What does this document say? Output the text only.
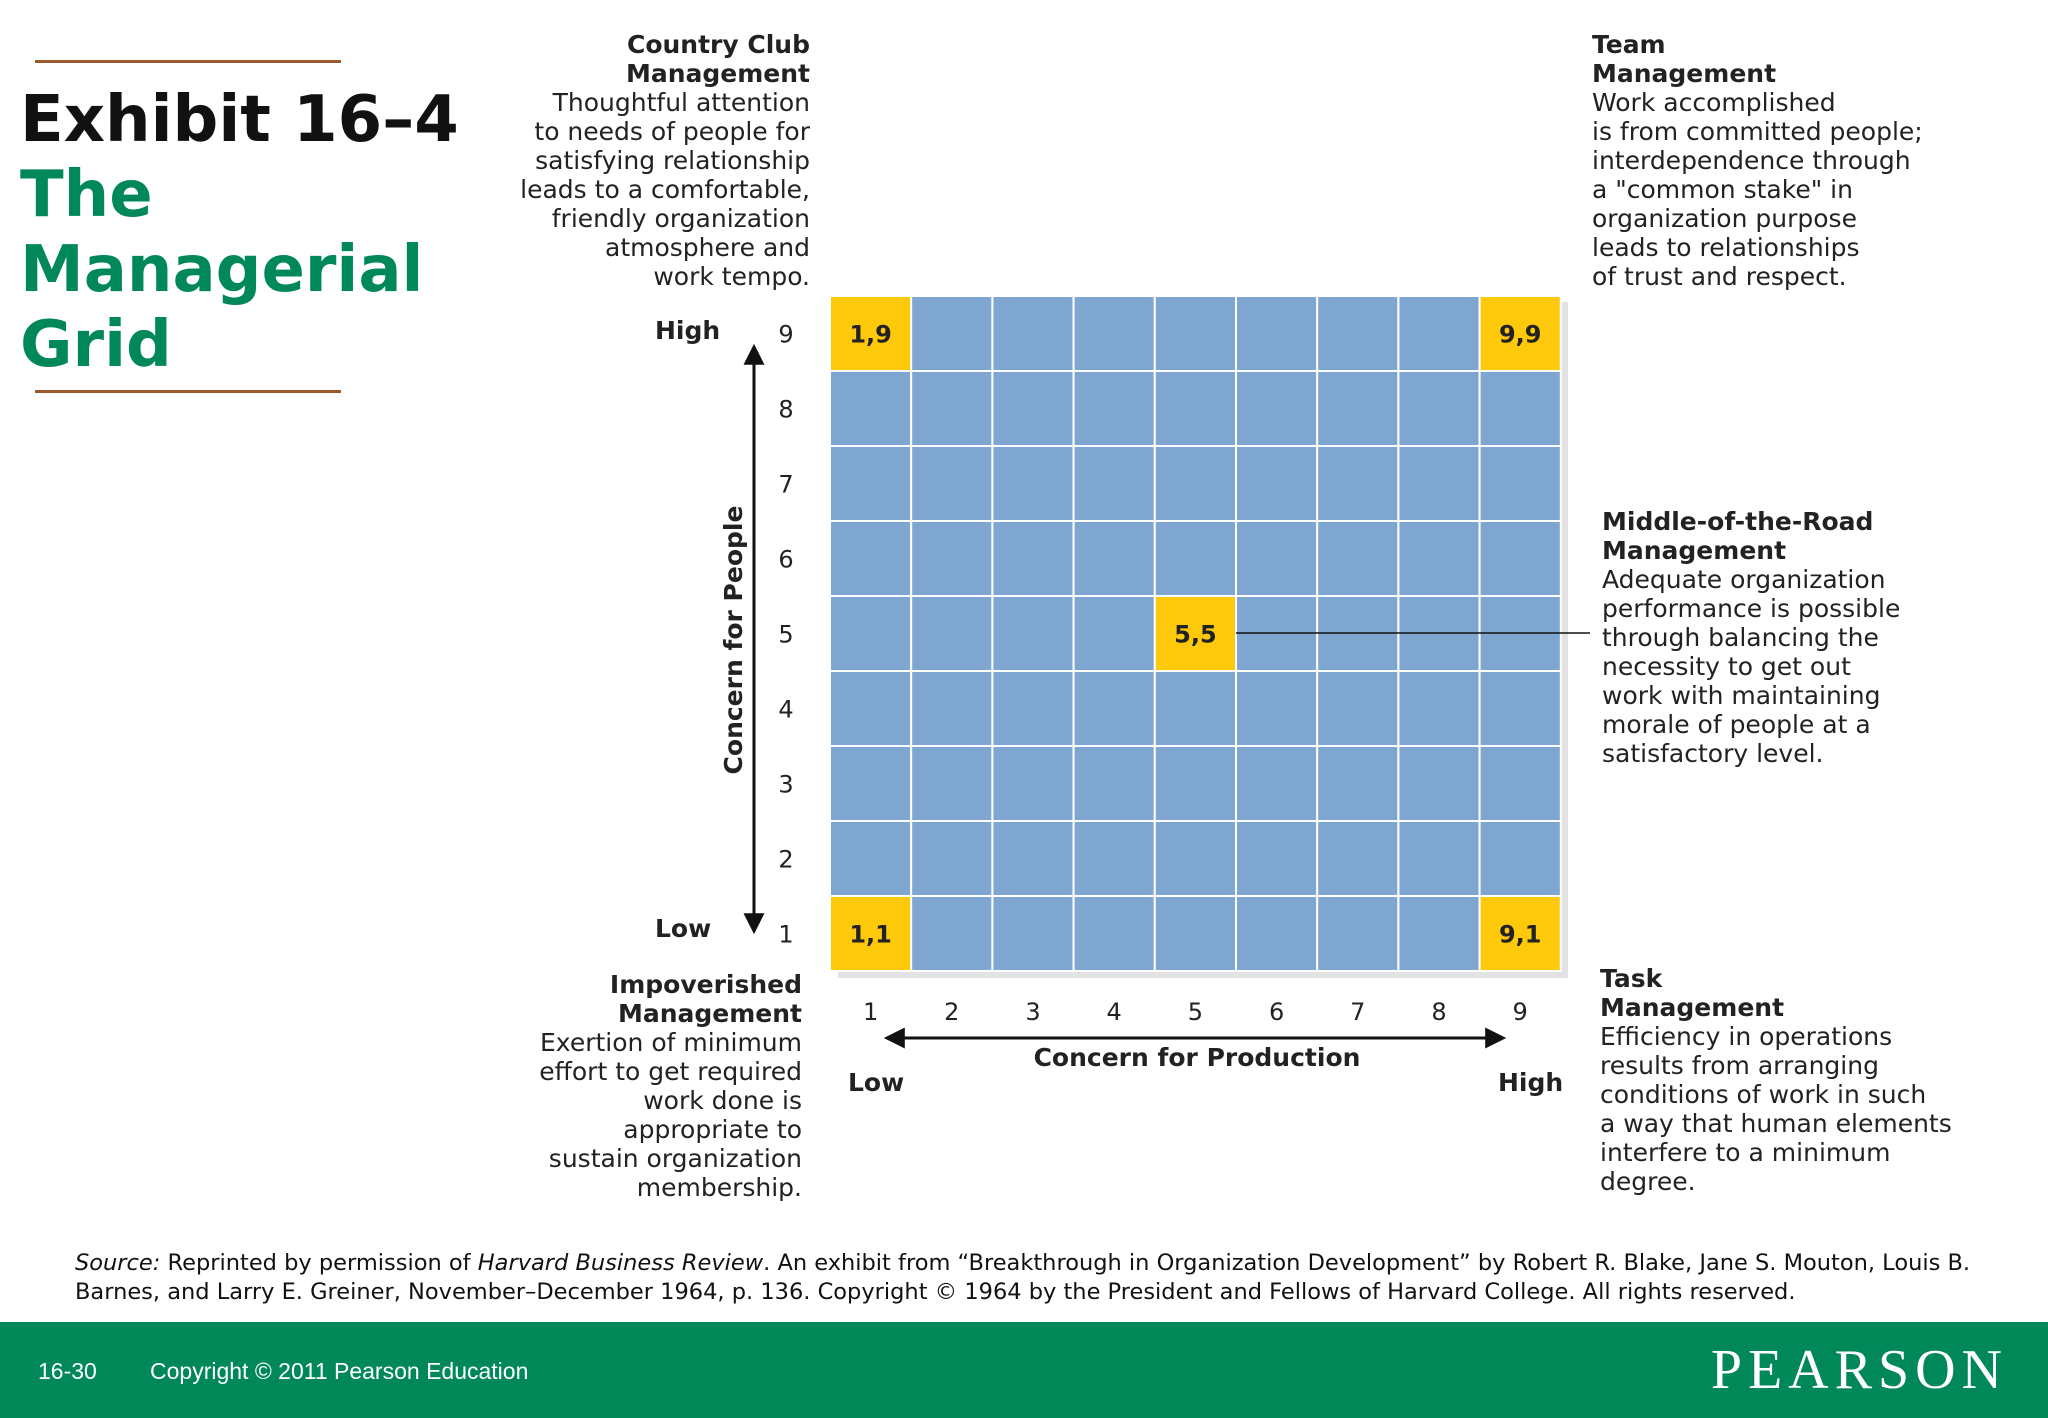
Exhibit 16–4
The Managerial Grid
Country Club
Management
Thoughtful attention
to needs of people for
satisfying relationship
leads to a comfortable,
friendly organization
atmosphere and
work tempo.
Team
Management
Work accomplished
is from committed people;
interdependence through
a "common stake" in
organization purpose
leads to relationships
of trust and respect.
Middle-of-the-Road
Management
Adequate organization
performance is possible
through balancing the
necessity to get out
work with maintaining
morale of people at a
satisfactory level.
Impoverished
Management
Exertion of minimum
effort to get required
work done is
appropriate to
sustain organization
membership.
Task
Management
Efficiency in operations
results from arranging
conditions of work in such
a way that human elements
interfere to a minimum
degree.
High
Low
Low	High
1,9	9,9
5,5
1,1	9,1
9
8
7
6
5
4
3
2
1
1	2	3	4	5	6	7	8	9
Concern for People
Concern for Production
Source: Reprinted by permission of Harvard Business Review. An exhibit from “Breakthrough in Organization Development” by Robert R. Blake, Jane S. Mouton, Louis B. Barnes, and Larry E. Greiner, November–December 1964, p. 136. Copyright © 1964 by the President and Fellows of Harvard College. All rights reserved.
16-30 Copyright © 2011 Pearson Education	PEARSON
